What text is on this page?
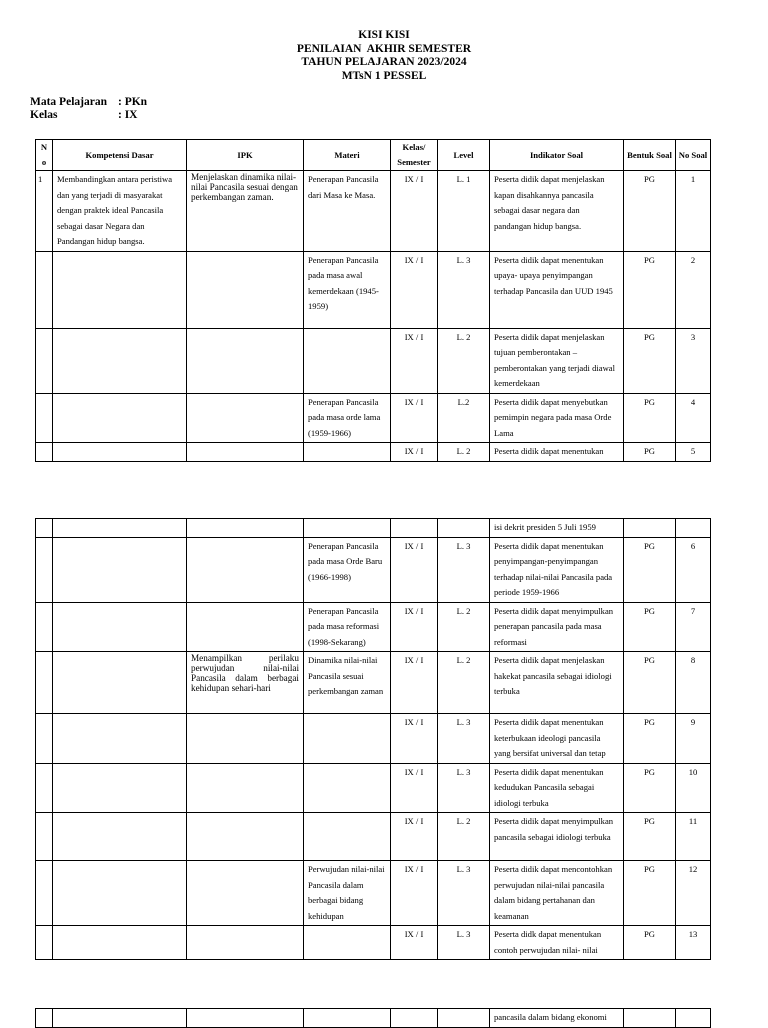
KISI KISI
PENILAIAN  AKHIR SEMESTER
TAHUN PELAJARAN 2023/2024
MTsN 1 PESSEL
Mata Pelajaran : PKn
Kelas	: IX
N o	Kompetensi Dasar	IPK	Materi	Kelas/ Semester	Level	Indikator Soal	Bentuk Soal	No Soal
1	Membandingkan antara peristiwa dan yang terjadi di masyarakat dengan praktek ideal Pancasila sebagai dasar Negara dan Pandangan hidup bangsa.	Menjelaskan dinamika nilai-nilai Pancasila sesuai dengan perkembangan zaman.	Penerapan Pancasila dari Masa ke Masa.	IX / I	L. 1	Peserta didik dapat menjelaskan kapan disahkannya pancasila sebagai dasar negara dan pandangan hidup bangsa.	PG	1
			Penerapan Pancasila pada masa awal kemerdekaan (1945-1959)	IX / I	L. 3	Peserta didik dapat menentukan upaya- upaya penyimpangan terhadap Pancasila dan UUD 1945	PG	2
				IX / I	L. 2	Peserta didik dapat menjelaskan tujuan pemberontakan – pemberontakan yang terjadi diawal kemerdekaan	PG	3
			Penerapan Pancasila pada masa orde lama (1959-1966)	IX / I	L.2	Peserta didik dapat menyebutkan pemimpin negara pada masa Orde Lama	PG	4
				IX / I	L. 2	Peserta didik dapat menentukan	PG	5
						isi dekrit presiden 5 Juli 1959		
			Penerapan Pancasila pada masa Orde Baru (1966-1998)	IX / I	L. 3	Peserta didik dapat menentukan penyimpangan-penyimpangan terhadap nilai-nilai Pancasila pada periode 1959-1966	PG	6
			Penerapan Pancasila pada masa reformasi (1998-Sekarang)	IX / I	L. 2	Peserta didik dapat menyimpulkan penerapan pancasila pada masa reformasi	PG	7
		Menampilkan perilaku perwujudan nilai-nilai Pancasila dalam berbagai kehidupan sehari-hari	Dinamika nilai-nilai Pancasila sesuai perkembangan zaman	IX / I	L. 2	Peserta didik dapat menjelaskan hakekat pancasila sebagai idiologi terbuka	PG	8
				IX / I	L. 3	Peserta didik dapat menentukan keterbukaan ideologi pancasila yang bersifat universal dan tetap	PG	9
				IX / I	L. 3	Peserta didik dapat menentukan kedudukan Pancasila sebagai idiologi terbuka	PG	10
				IX / I	L. 2	Peserta didik dapat menyimpulkan pancasila sebagai idiologi terbuka	PG	11
			Perwujudan nilai-nilai Pancasila dalam berbagai bidang kehidupan	IX / I	L. 3	Peserta didik dapat mencontohkan perwujudan nilai-nilai pancasila dalam bidang pertahanan dan keamanan	PG	12
				IX / I	L. 3	Peserta didk dapat menentukan contoh perwujudan nilai- nilai	PG	13
						pancasila dalam bidang ekonomi		
